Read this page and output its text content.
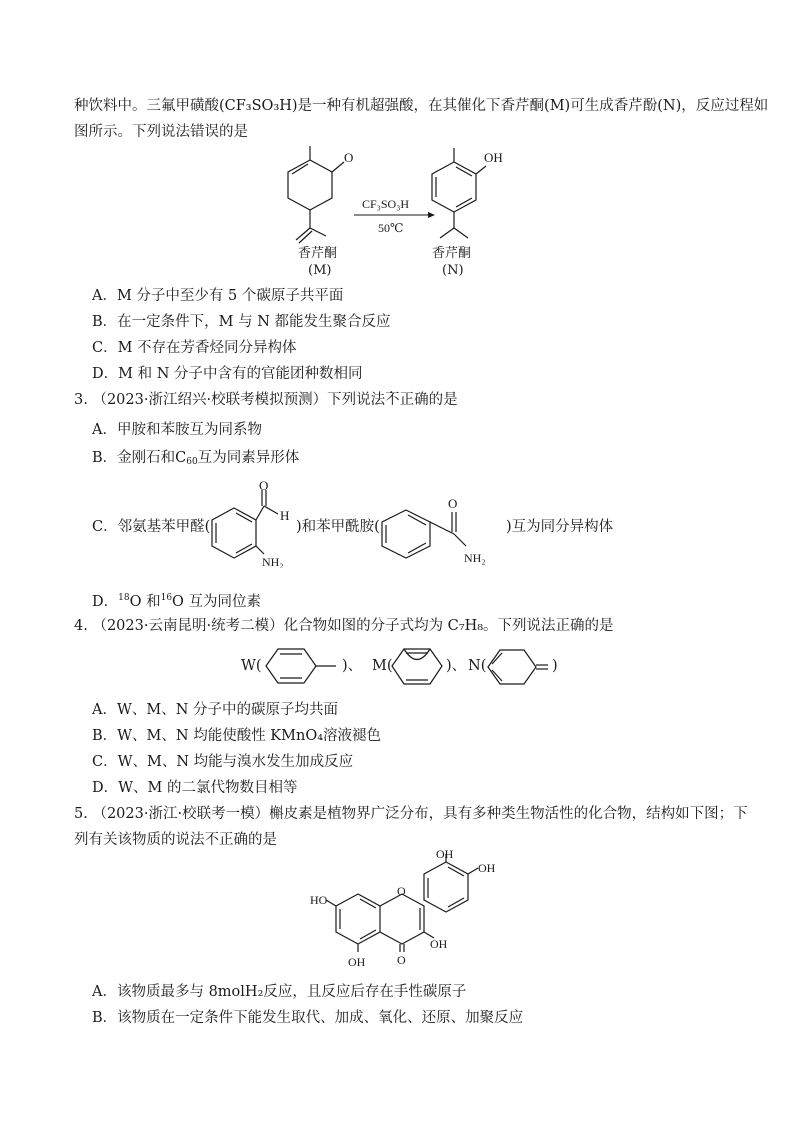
种饮料中。三氟甲磺酸(CF₃SO₃H)是一种有机超强酸，在其催化下香芹酮(M)可生成香芹酚(N)，反应过程如
图所示。下列说法错误的是
O
CF₃SO₃H
50℃
OH
香芹酮
(M)
香芹酮
(N)
A．M 分子中至少有 5 个碳原子共平面
B．在一定条件下，M 与 N 都能发生聚合反应
C．M 不存在芳香烃同分异构体
D．M 和 N 分子中含有的官能团种数相同
3. （2023·浙江绍兴·校联考模拟预测）下列说法不正确的是
A．甲胺和苯胺互为同系物
B．金刚石和$C_{60}$互为同素异形体
C．邻氨基苯甲醛(
O
H
NH₂
)和苯甲酰胺(
O
NH₂
)互为同分异构体
D．$^{18}$O 和$^{16}$O 互为同位素
4. （2023·云南昆明·统考二模）化合物如图的分子式均为 C₇H₈。下列说法正确的是
W(	)、 M(	)、 N(	)
A．W、M、N 分子中的碳原子均共面
B．W、M、N 均能使酸性 KMnO₄溶液褪色
C．W、M、N 均能与溴水发生加成反应
D．W、M 的二氯代物数目相等
5. （2023·浙江·校联考一模）槲皮素是植物界广泛分布，具有多种类生物活性的化合物，结构如下图；下
列有关该物质的说法不正确的是
OH
OH
HO
O
OH
OH	O
A．该物质最多与 8molH₂反应，且反应后存在手性碳原子
B．该物质在一定条件下能发生取代、加成、氧化、还原、加聚反应
